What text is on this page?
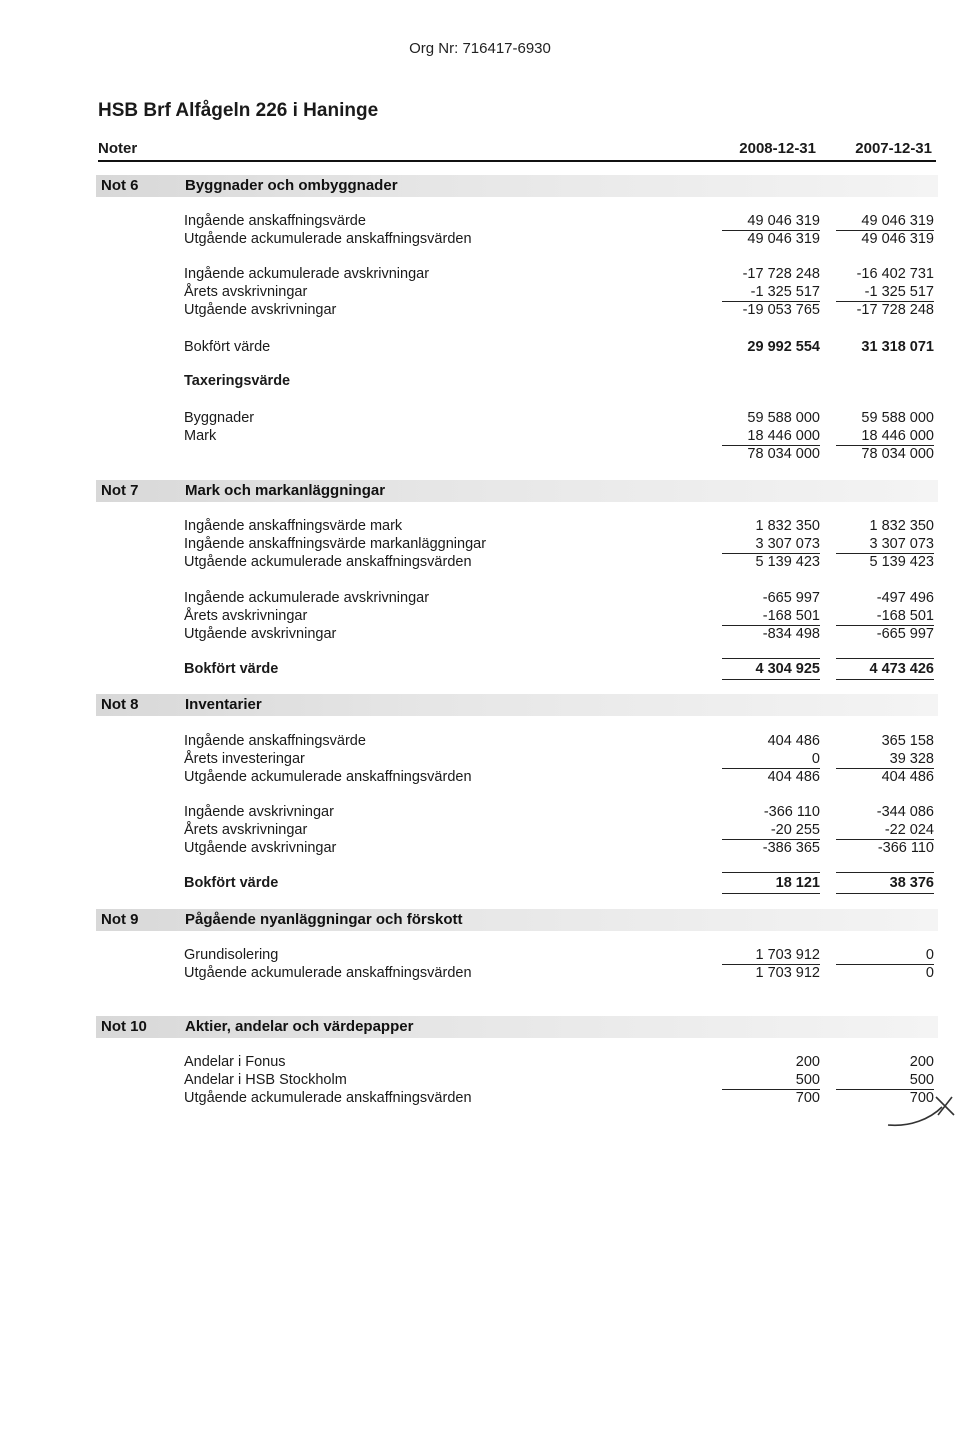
Org Nr: 716417-6930
HSB Brf Alfågeln 226 i Haninge
Noter	2008-12-31	2007-12-31
Not 6	Byggnader och ombyggnader
Ingående anskaffningsvärde	49 046 319	49 046 319
Utgående ackumulerade anskaffningsvärden	49 046 319	49 046 319
Ingående ackumulerade avskrivningar	-17 728 248	-16 402 731
Årets avskrivningar	-1 325 517	-1 325 517
Utgående avskrivningar	-19 053 765	-17 728 248
Bokfört värde	29 992 554	31 318 071
Taxeringsvärde
Byggnader	59 588 000	59 588 000
Mark	18 446 000	18 446 000
78 034 000	78 034 000
Not 7	Mark och markanläggningar
Ingående anskaffningsvärde mark	1 832 350	1 832 350
Ingående anskaffningsvärde markanläggningar	3 307 073	3 307 073
Utgående ackumulerade anskaffningsvärden	5 139 423	5 139 423
Ingående ackumulerade avskrivningar	-665 997	-497 496
Årets avskrivningar	-168 501	-168 501
Utgående avskrivningar	-834 498	-665 997
Bokfört värde	4 304 925	4 473 426
Not 8	Inventarier
Ingående anskaffningsvärde	404 486	365 158
Årets investeringar	0	39 328
Utgående ackumulerade anskaffningsvärden	404 486	404 486
Ingående avskrivningar	-366 110	-344 086
Årets avskrivningar	-20 255	-22 024
Utgående avskrivningar	-386 365	-366 110
Bokfört värde	18 121	38 376
Not 9	Pågående nyanläggningar och förskott
Grundisolering	1 703 912	0
Utgående ackumulerade anskaffningsvärden	1 703 912	0
Not 10	Aktier, andelar och värdepapper
Andelar i Fonus	200	200
Andelar i HSB Stockholm	500	500
Utgående ackumulerade anskaffningsvärden	700	700
